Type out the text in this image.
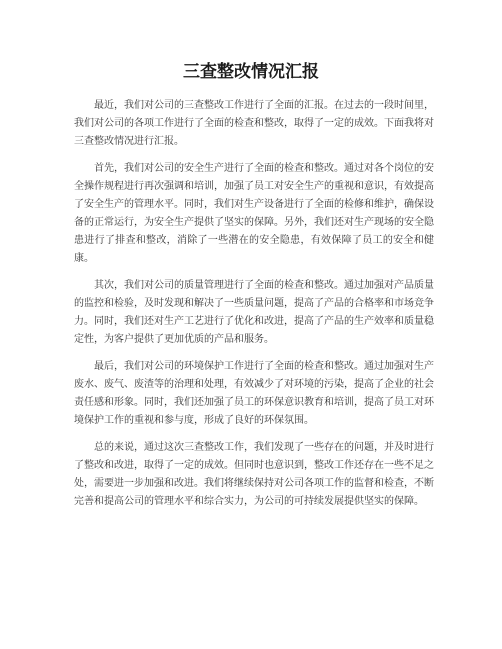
三查整改情况汇报

最近，我们对公司的三查整改工作进行了全面的汇报。在过去的一段时间里，我们对公司的各项工作进行了全面的检查和整改，取得了一定的成效。下面我将对三查整改情况进行汇报。

首先，我们对公司的安全生产进行了全面的检查和整改。通过对各个岗位的安全操作规程进行再次强调和培训，加强了员工对安全生产的重视和意识，有效提高了安全生产的管理水平。同时，我们对生产设备进行了全面的检修和维护，确保设备的正常运行，为安全生产提供了坚实的保障。另外，我们还对生产现场的安全隐患进行了排查和整改，消除了一些潜在的安全隐患，有效保障了员工的安全和健康。

其次，我们对公司的质量管理进行了全面的检查和整改。通过加强对产品质量的监控和检验，及时发现和解决了一些质量问题，提高了产品的合格率和市场竞争力。同时，我们还对生产工艺进行了优化和改进，提高了产品的生产效率和质量稳定性，为客户提供了更加优质的产品和服务。

最后，我们对公司的环境保护工作进行了全面的检查和整改。通过加强对生产废水、废气、废渣等的治理和处理，有效减少了对环境的污染，提高了企业的社会责任感和形象。同时，我们还加强了员工的环保意识教育和培训，提高了员工对环境保护工作的重视和参与度，形成了良好的环保氛围。

总的来说，通过这次三查整改工作，我们发现了一些存在的问题，并及时进行了整改和改进，取得了一定的成效。但同时也意识到，整改工作还存在一些不足之处，需要进一步加强和改进。我们将继续保持对公司各项工作的监督和检查，不断完善和提高公司的管理水平和综合实力，为公司的可持续发展提供坚实的保障。
